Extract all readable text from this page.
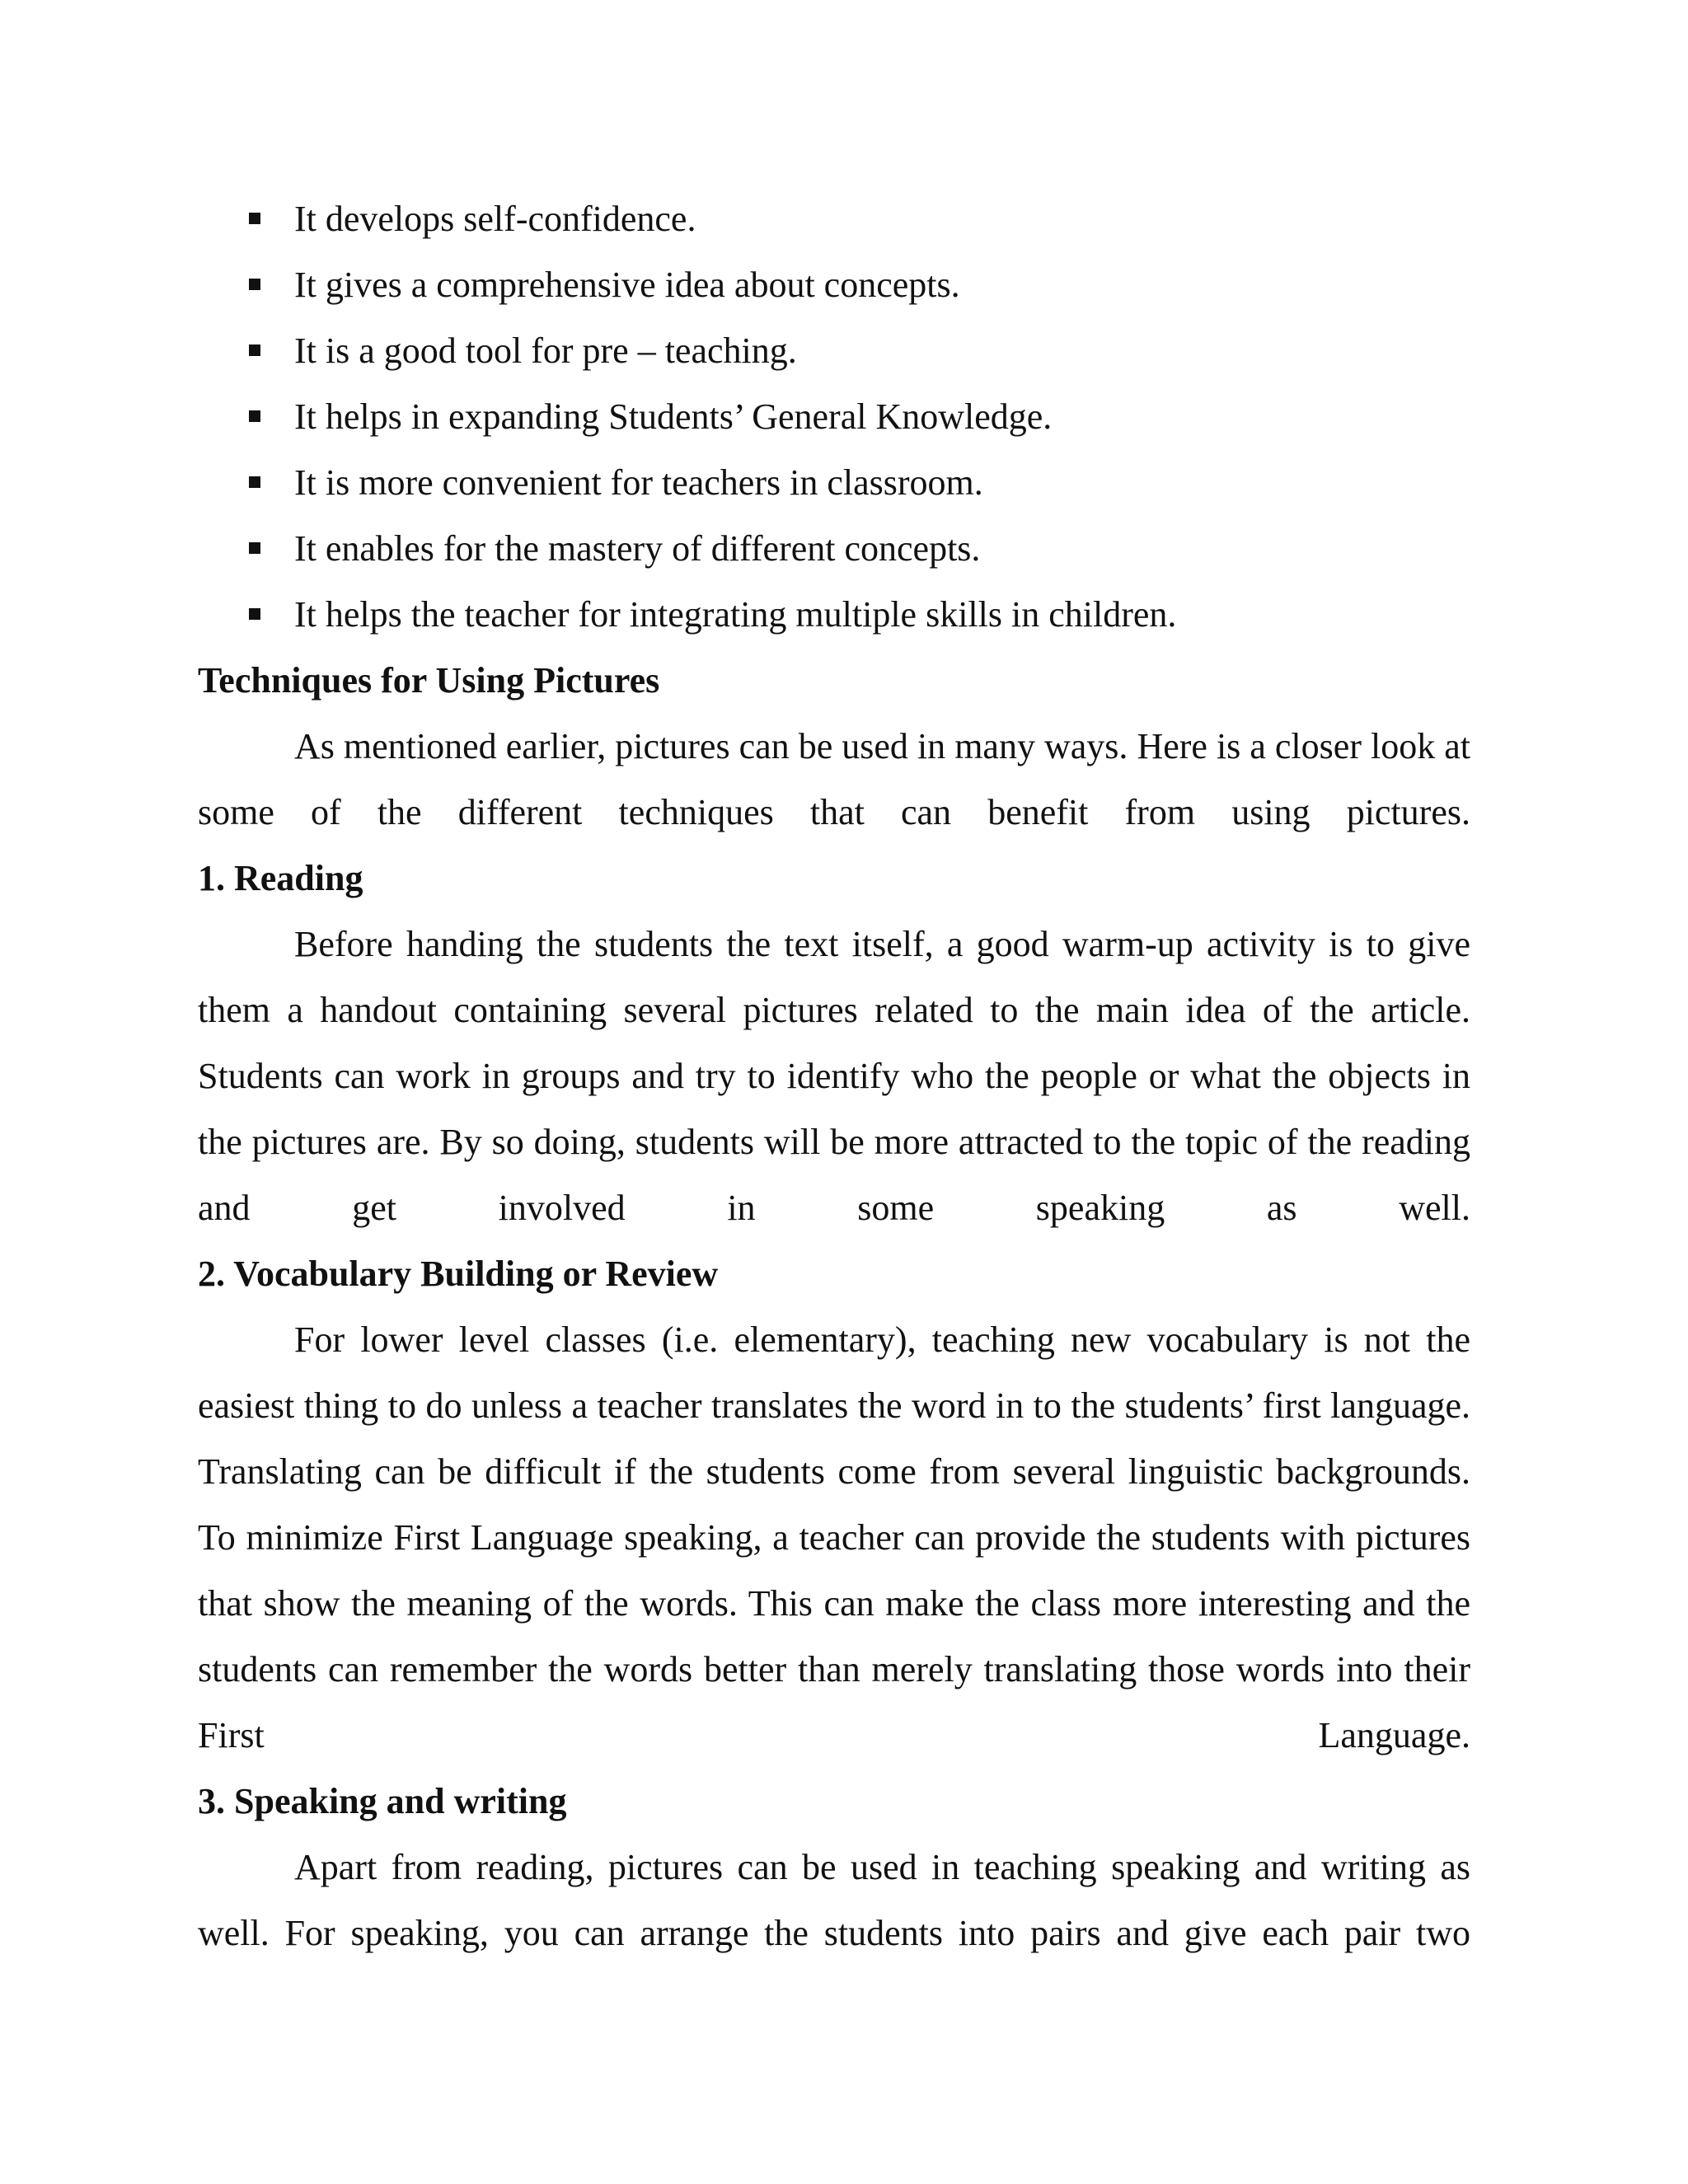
It develops self-confidence.
It gives a comprehensive idea about concepts.
It is a good tool for pre – teaching.
It helps in expanding Students’ General Knowledge.
It is more convenient for teachers in classroom.
It enables for the mastery of different concepts.
It helps the teacher for integrating multiple skills in children.
Techniques for Using Pictures

As mentioned earlier, pictures can be used in many ways. Here is a closer look at some of the different techniques that can benefit from using pictures.

1. Reading

Before handing the students the text itself, a good warm-up activity is to give them a handout containing several pictures related to the main idea of the article. Students can work in groups and try to identify who the people or what the objects in the pictures are. By so doing, students will be more attracted to the topic of the reading and get involved in some speaking as well.

2. Vocabulary Building or Review

For lower level classes (i.e. elementary), teaching new vocabulary is not the easiest thing to do unless a teacher translates the word in to the students’ first language. Translating can be difficult if the students come from several linguistic backgrounds. To minimize First Language speaking, a teacher can provide the students with pictures that show the meaning of the words. This can make the class more interesting and the students can remember the words better than merely translating those words into their First Language.

3. Speaking and writing

Apart from reading, pictures can be used in teaching speaking and writing as well. For speaking, you can arrange the students into pairs and give each pair two
